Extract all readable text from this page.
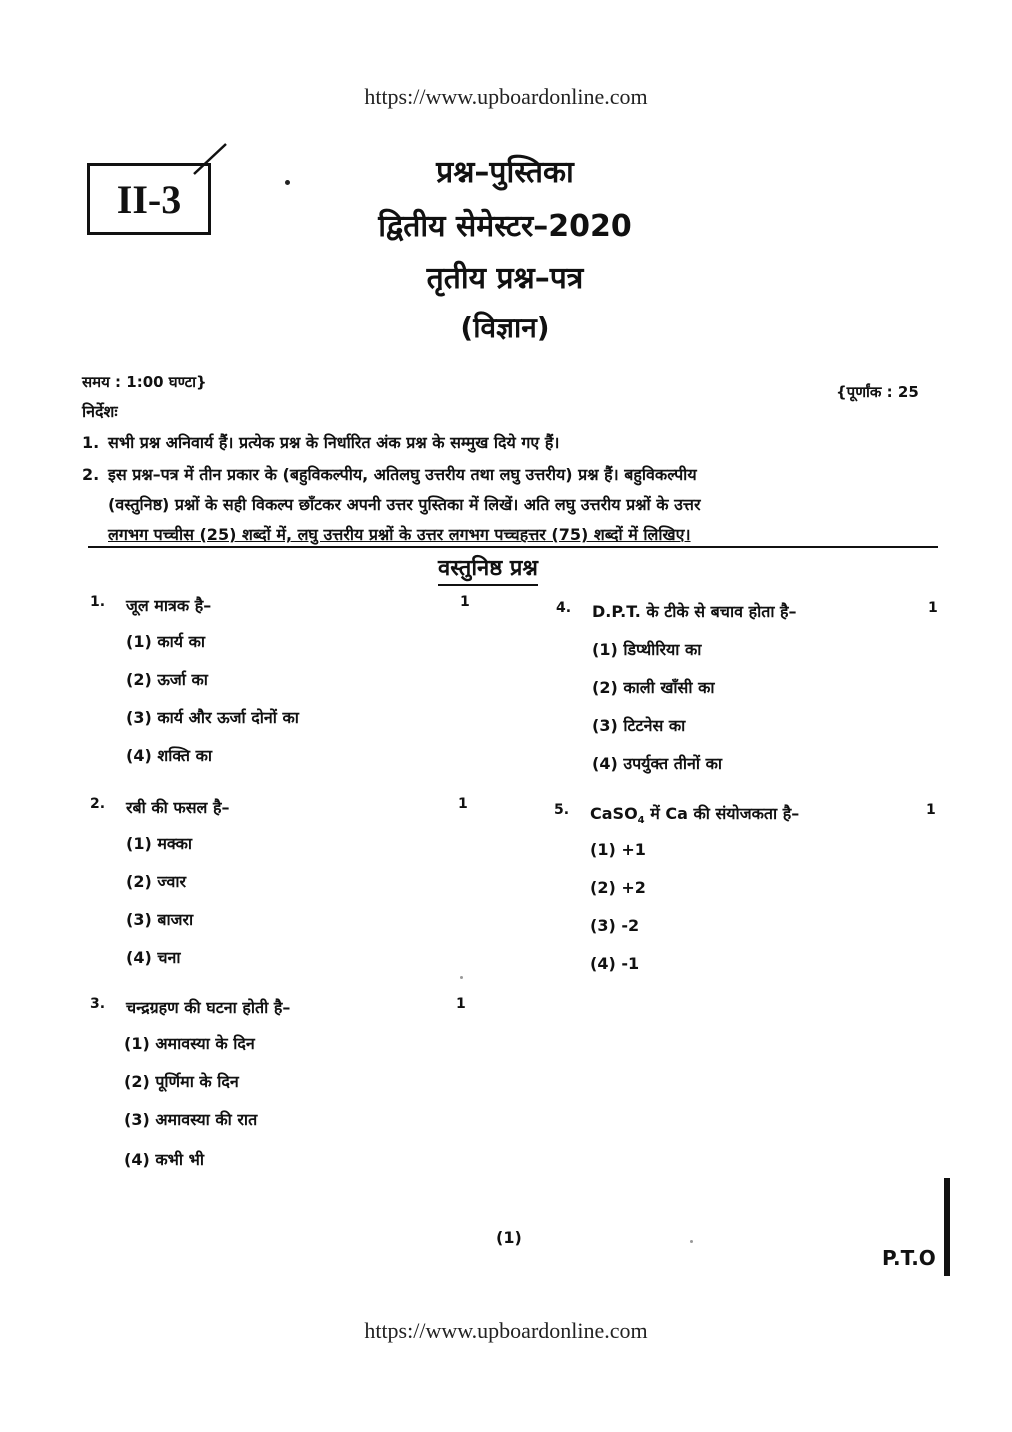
https://www.upboardonline.com
https://www.upboardonline.com
II-3
प्रश्न–पुस्तिका
द्वितीय सेमेस्टर–2020
तृतीय प्रश्न–पत्र
(विज्ञान)
समय : 1:00 घण्टा}
{पूर्णांक : 25
निर्देशः
1. सभी प्रश्न अनिवार्य हैं। प्रत्येक प्रश्न के निर्धारित अंक प्रश्न के सम्मुख दिये गए हैं।
2. इस प्रश्न–पत्र में तीन प्रकार के (बहुविकल्पीय, अतिलघु उत्तरीय तथा लघु उत्तरीय) प्रश्न हैं। बहुविकल्पीय
(वस्तुनिष्ठ) प्रश्नों के सही विकल्प छाँटकर अपनी उत्तर पुस्तिका में लिखें। अति लघु उत्तरीय प्रश्नों के उत्तर
लगभग पच्चीस (25) शब्दों में, लघु उत्तरीय प्रश्नों के उत्तर लगभग पच्चहत्तर (75) शब्दों में लिखिए।
वस्तुनिष्ठ प्रश्न
1. जूल मात्रक है–	1
(1) कार्य का
(2) ऊर्जा का
(3) कार्य और ऊर्जा दोनों का
(4) शक्ति का
2. रबी की फसल है–	1
(1) मक्का
(2) ज्वार
(3) बाजरा
(4) चना
3. चन्द्रग्रहण की घटना होती है–	1
(1) अमावस्या के दिन
(2) पूर्णिमा के दिन
(3) अमावस्या की रात
(4) कभी भी
4. D.P.T. के टीके से बचाव होता है–	1
(1) डिप्थीरिया का
(2) काली खाँसी का
(3) टिटनेस का
(4) उपर्युक्त तीनों का
5. CaSO$_4$ में Ca की संयोजकता है–	1
(1) +1
(2) +2
(3) -2
(4) -1
(1)
P.T.O
